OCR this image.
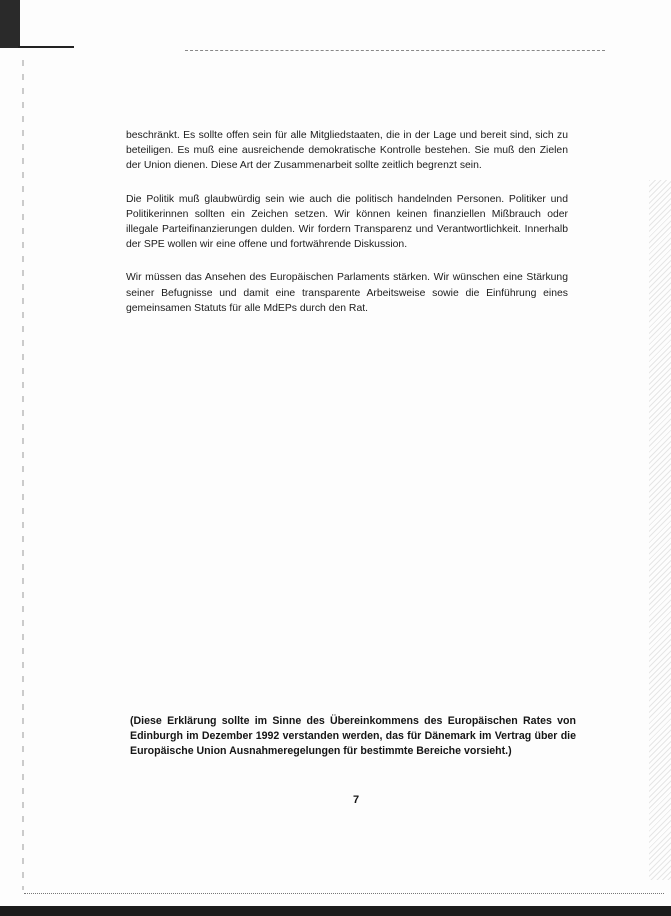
beschränkt. Es sollte offen sein für alle Mitgliedstaaten, die in der Lage und bereit sind, sich zu beteiligen. Es muß eine ausreichende demokratische Kontrolle bestehen. Sie muß den Zielen der Union dienen. Diese Art der Zusammenarbeit sollte zeitlich begrenzt sein.

Die Politik muß glaubwürdig sein wie auch die politisch handelnden Personen. Politiker und Politikerinnen sollten ein Zeichen setzen. Wir können keinen finanziellen Mißbrauch oder illegale Parteifinanzierungen dulden. Wir fordern Transparenz und Verantwortlichkeit. Innerhalb der SPE wollen wir eine offene und fortwährende Diskussion.

Wir müssen das Ansehen des Europäischen Parlaments stärken. Wir wünschen eine Stärkung seiner Befugnisse und damit eine transparente Arbeitsweise sowie die Einführung eines gemeinsamen Statuts für alle MdEPs durch den Rat.

(Diese Erklärung sollte im Sinne des Übereinkommens des Europäischen Rates von Edinburgh im Dezember 1992 verstanden werden, das für Dänemark im Vertrag über die Europäische Union Ausnahmeregelungen für bestimmte Bereiche vorsieht.)
7
